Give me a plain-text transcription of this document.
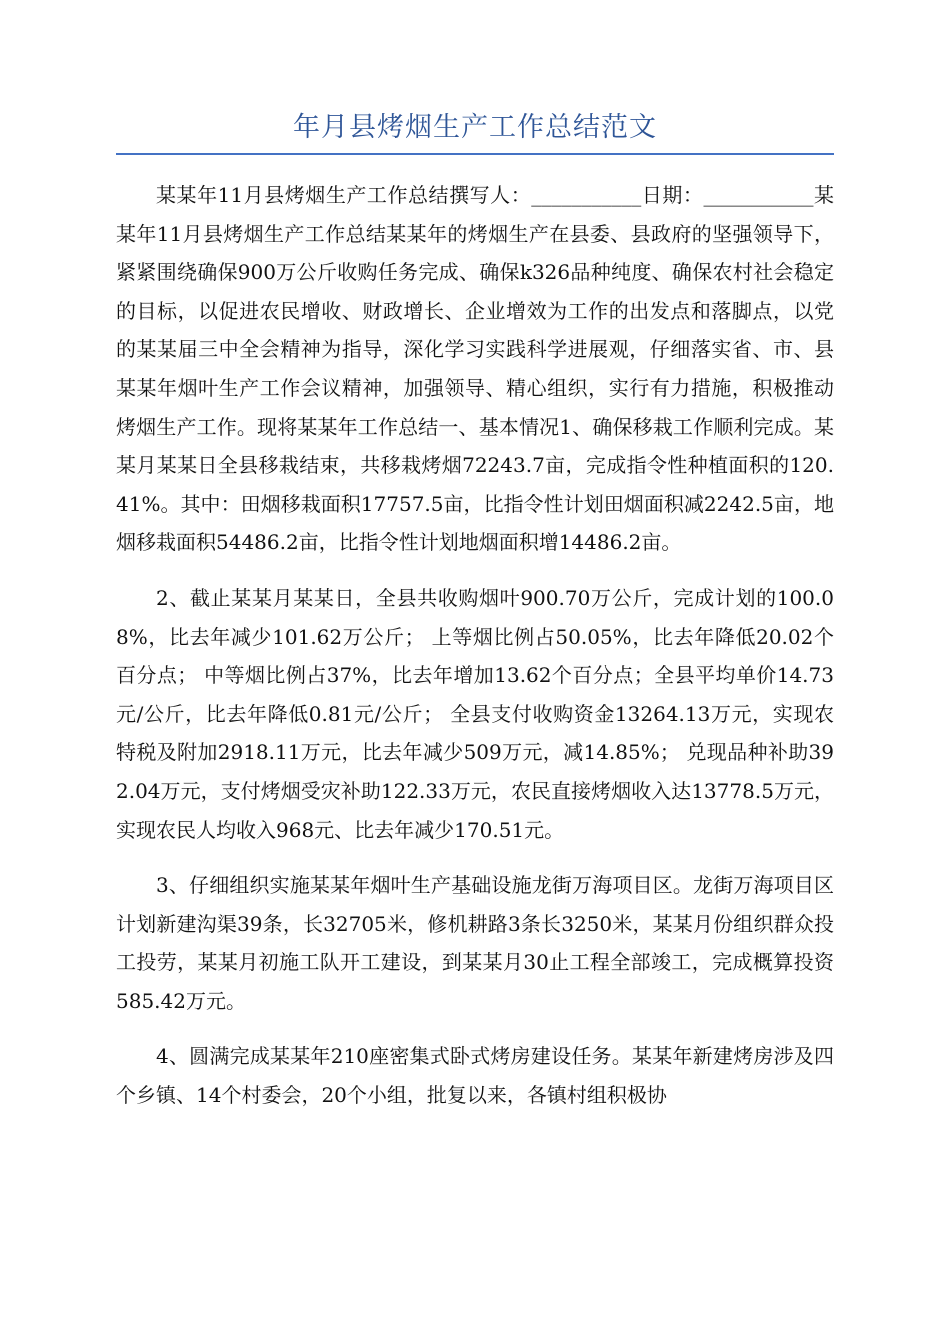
年月县烤烟生产工作总结范文

某某年11月县烤烟生产工作总结撰写人：___________日期：___________某某年11月县烤烟生产工作总结某某年的烤烟生产在县委、县政府的坚强领导下，紧紧围绕确保900万公斤收购任务完成、确保k326品种纯度、确保农村社会稳定的目标，以促进农民增收、财政增长、企业增效为工作的出发点和落脚点，以党的某某届三中全会精神为指导，深化学习实践科学进展观，仔细落实省、市、县某某年烟叶生产工作会议精神，加强领导、精心组织，实行有力措施，积极推动烤烟生产工作。现将某某年工作总结一、基本情况1、确保移栽工作顺利完成。某某月某某日全县移栽结束，共移栽烤烟72243.7亩，完成指令性种植面积的120.41%。其中：田烟移栽面积17757.5亩，比指令性计划田烟面积减2242.5亩，地烟移栽面积54486.2亩，比指令性计划地烟面积增14486.2亩。

2、截止某某月某某日，全县共收购烟叶900.70万公斤，完成计划的100.08%，比去年减少101.62万公斤； 上等烟比例占50.05%，比去年降低20.02个百分点； 中等烟比例占37%，比去年增加13.62个百分点；全县平均单价14.73元/公斤，比去年降低0.81元/公斤； 全县支付收购资金13264.13万元，实现农特税及附加2918.11万元，比去年减少509万元，减14.85%； 兑现品种补助392.04万元，支付烤烟受灾补助122.33万元，农民直接烤烟收入达13778.5万元，实现农民人均收入968元、比去年减少170.51元。

3、仔细组织实施某某年烟叶生产基础设施龙街万海项目区。龙街万海项目区计划新建沟渠39条，长32705米，修机耕路3条长3250米，某某月份组织群众投工投劳，某某月初施工队开工建设，到某某月30止工程全部竣工，完成概算投资585.42万元。

4、圆满完成某某年210座密集式卧式烤房建设任务。某某年新建烤房涉及四个乡镇、14个村委会，20个小组，批复以来，各镇村组积极协
